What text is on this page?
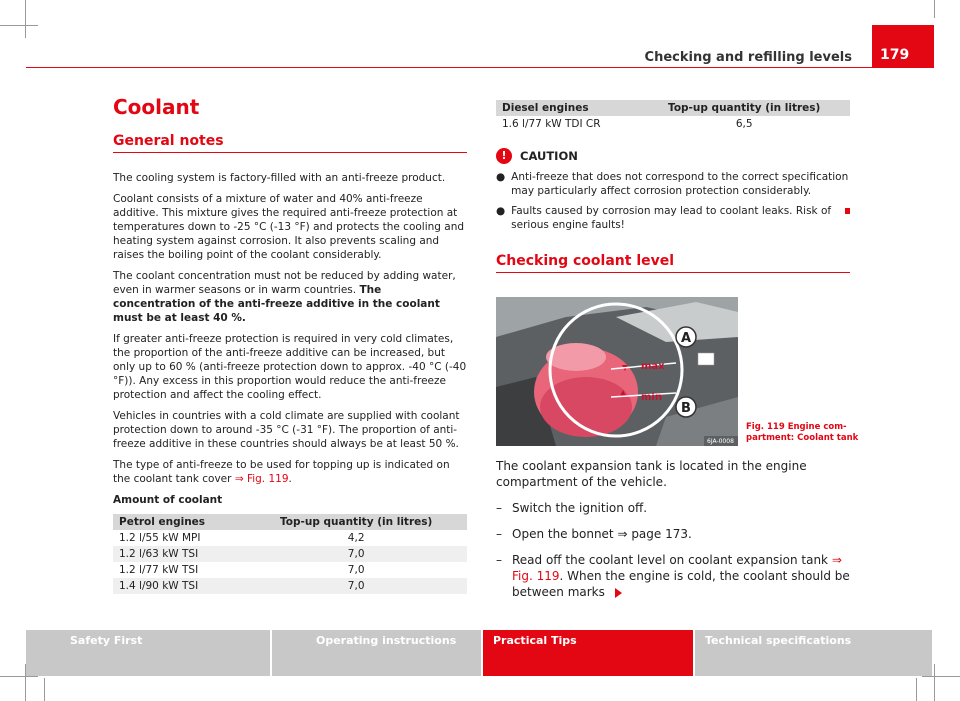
Checking and refilling levels	179
Coolant
General notes

The cooling system is factory-filled with an anti-freeze product.

Coolant consists of a mixture of water and 40% anti-freeze additive. This mixture gives the required anti-freeze protection at temperatures down to -25 °C (-13 °F) and protects the cooling and heating system against corrosion. It also prevents scaling and raises the boiling point of the coolant considerably.

The coolant concentration must not be reduced by adding water, even in warmer seasons or in warm countries. The concentration of the anti-freeze additive in the coolant must be at least 40 %.

If greater anti-freeze protection is required in very cold climates, the proportion of the anti-freeze additive can be increased, but only up to 60 % (anti-freeze protection down to approx. -40 °C (-40 °F)). Any excess in this proportion would reduce the anti-freeze protection and affect the cooling effect.

Vehicles in countries with a cold climate are supplied with coolant protection down to around -35 °C (-31 °F). The proportion of anti-freeze additive in these countries should always be at least 50 %.

The type of anti-freeze to be used for topping up is indicated on the coolant tank cover ⇒ Fig. 119.

Amount of coolant

Petrol engines	Top-up quantity (in litres)
1.2 l/55 kW MPI	4,2
1.2 l/63 kW TSI	7,0
1.2 l/77 kW TSI	7,0
1.4 l/90 kW TSI	7,0
Diesel engines	Top-up quantity (in litres)
1.6 l/77 kW TDI CR	6,5
!	CAUTION
● Anti-freeze that does not correspond to the correct specification may particularly affect corrosion protection considerably.
● Faults caused by corrosion may lead to coolant leaks. Risk of serious engine faults!
Checking coolant level
max
min
A
B
6JA-0008
Fig. 119 Engine com-
partment: Coolant tank

The coolant expansion tank is located in the engine compartment of the vehicle.

– Switch the ignition off.
– Open the bonnet ⇒ page 173.
– Read off the coolant level on coolant expansion tank ⇒ Fig. 119. When the engine is cold, the coolant should be between marks
Safety First	Operating instructions	Practical Tips	Technical specifications
